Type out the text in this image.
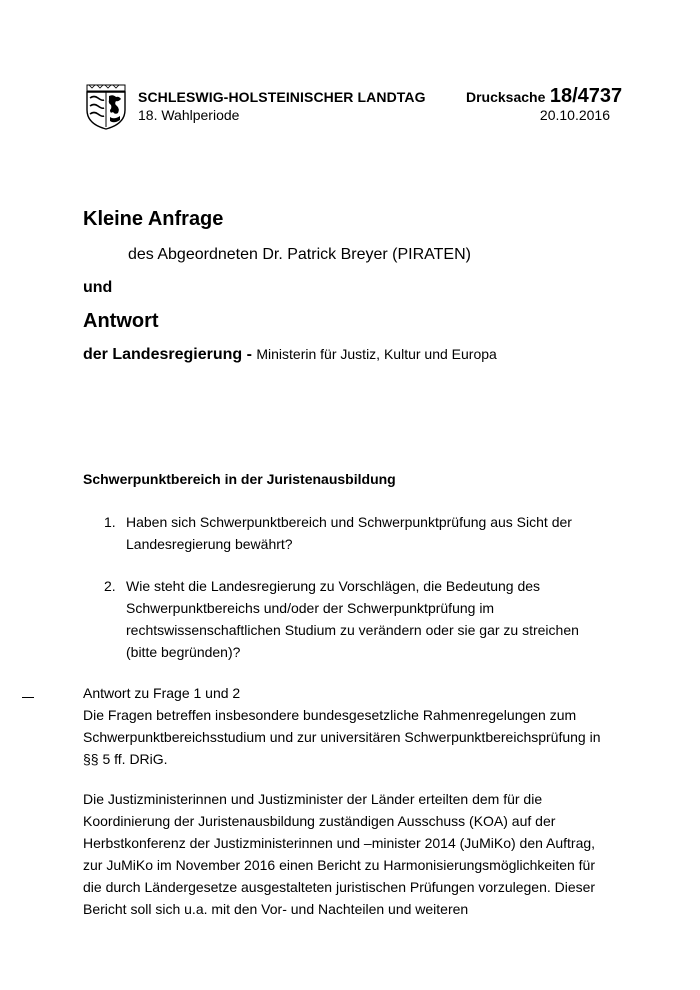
SCHLESWIG-HOLSTEINISCHER LANDTAG
18. Wahlperiode
Drucksache 18/4737
20.10.2016
Kleine Anfrage
des Abgeordneten Dr. Patrick Breyer (PIRATEN)
und
Antwort
der Landesregierung - Ministerin für Justiz, Kultur und Europa
Schwerpunktbereich in der Juristenausbildung
1. Haben sich Schwerpunktbereich und Schwerpunktprüfung aus Sicht der
Landesregierung bewährt?
2. Wie steht die Landesregierung zu Vorschlägen, die Bedeutung des
Schwerpunktbereichs und/oder der Schwerpunktprüfung im
rechtswissenschaftlichen Studium zu verändern oder sie gar zu streichen
(bitte begründen)?
Antwort zu Frage 1 und 2
Die Fragen betreffen insbesondere bundesgesetzliche Rahmenregelungen zum
Schwerpunktbereichsstudium und zur universitären Schwerpunktbereichsprüfung in
§§ 5 ff. DRiG.
Die Justizministerinnen und Justizminister der Länder erteilten dem für die
Koordinierung der Juristenausbildung zuständigen Ausschuss (KOA) auf der
Herbstkonferenz der Justizministerinnen und –minister 2014 (JuMiKo) den Auftrag,
zur JuMiKo im November 2016 einen Bericht zu Harmonisierungsmöglichkeiten für
die durch Ländergesetze ausgestalteten juristischen Prüfungen vorzulegen. Dieser
Bericht soll sich u.a. mit den Vor- und Nachteilen und weiteren
